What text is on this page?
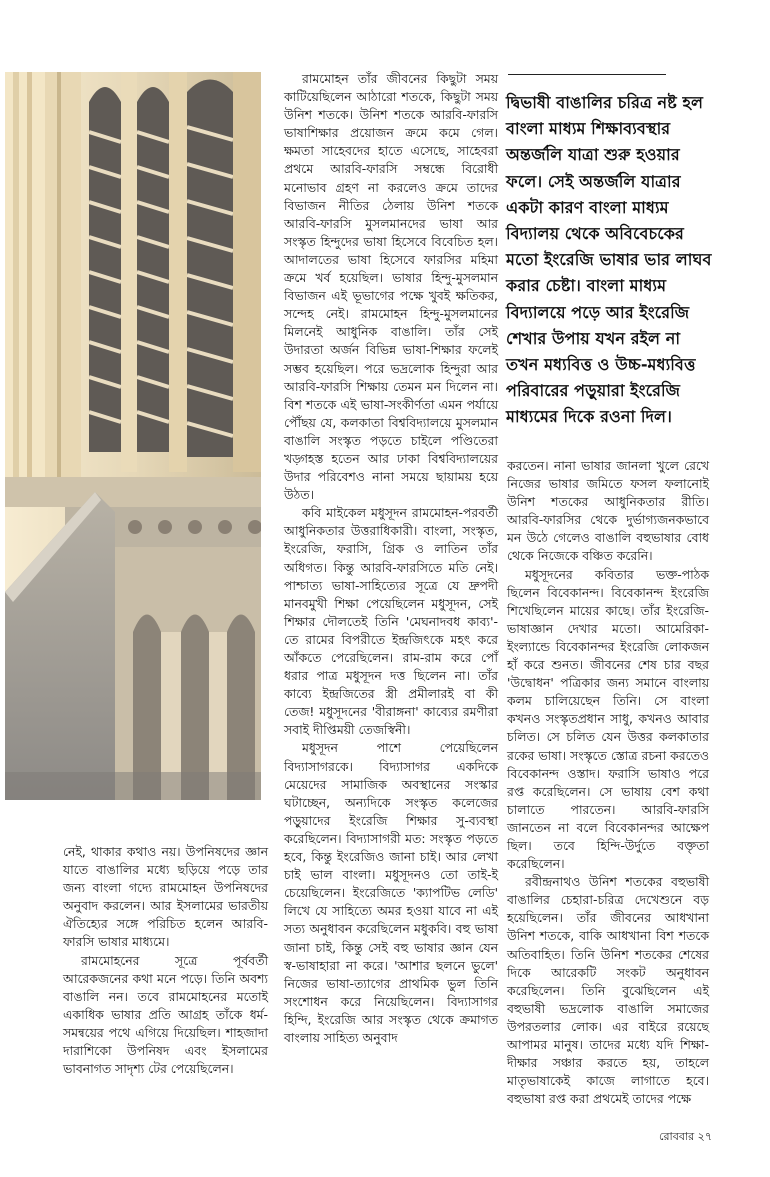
দ্বিভাষী বাঙালির চরিত্র নষ্ট হল বাংলা মাধ্যম শিক্ষাব্যবস্থার অন্তর্জলি যাত্রা শুরু হওয়ার ফলে। সেই অন্তর্জলি যাত্রার একটা কারণ বাংলা মাধ্যম বিদ্যালয় থেকে অবিবেচকের মতো ইংরেজি ভাষার ভার লাঘব করার চেষ্টা। বাংলা মাধ্যম বিদ্যালয়ে পড়ে আর ইংরেজি শেখার উপায় যখন রইল না তখন মধ্যবিত্ত ও উচ্চ-মধ্যবিত্ত পরিবারের পড়ুয়ারা ইংরেজি মাধ্যমের দিকে রওনা দিল।

নেই, থাকার কথাও নয়। উপনিষদের জ্ঞান যাতে বাঙালির মধ্যে ছড়িয়ে পড়ে তার জন্য বাংলা গদ্যে রামমোহন উপনিষদের অনুবাদ করলেন। আর ইসলামের ভারতীয় ঐতিহ্যের সঙ্গে পরিচিত হলেন আরবি-ফারসি ভাষার মাধ্যমে।

রামমোহনের সূত্রে পূর্ববর্তী আরেকজনের কথা মনে পড়ে। তিনি অবশ্য বাঙালি নন। তবে রামমোহনের মতোই একাধিক ভাষার প্রতি আগ্রহ তাঁকে ধর্ম-সমন্বয়ের পথে এগিয়ে দিয়েছিল। শাহজাদা দারাশিকো উপনিষদ এবং ইসলামের ভাবনাগত সাদৃশ্য টের পেয়েছিলেন।

রামমোহন তাঁর জীবনের কিছুটা সময় কাটিয়েছিলেন আঠারো শতকে, কিছুটা সময় উনিশ শতকে। উনিশ শতকে আরবি-ফারসি ভাষাশিক্ষার প্রয়োজন ক্রমে কমে গেল। ক্ষমতা সাহেবদের হাতে এসেছে, সাহেবরা প্রথমে আরবি-ফারসি সম্বন্ধে বিরোধী মনোভাব গ্রহণ না করলেও ক্রমে তাদের বিভাজন নীতির ঠেলায় উনিশ শতকে আরবি-ফারসি মুসলমানদের ভাষা আর সংস্কৃত হিন্দুদের ভাষা হিসেবে বিবেচিত হল। আদালতের ভাষা হিসেবে ফারসির মহিমা ক্রমে খর্ব হয়েছিল। ভাষার হিন্দু-মুসলমান বিভাজন এই ভূভাগের পক্ষে খুবই ক্ষতিকর, সন্দেহ নেই। রামমোহন হিন্দু-মুসলমানের মিলনেই আধুনিক বাঙালি। তাঁর সেই উদারতা অর্জন বিভিন্ন ভাষা-শিক্ষার ফলেই সম্ভব হয়েছিল। পরে ভদ্রলোক হিন্দুরা আর আরবি-ফারসি শিক্ষায় তেমন মন দিলেন না। বিশ শতকে এই ভাষা-সংকীর্ণতা এমন পর্যায়ে পৌঁছয় যে, কলকাতা বিশ্ববিদ্যালয়ে মুসলমান বাঙালি সংস্কৃত পড়তে চাইলে পণ্ডিতেরা খড়্গহস্ত হতেন আর ঢাকা বিশ্ববিদ্যালয়ের উদার পরিবেশও নানা সময়ে ছায়াময় হয়ে উঠত।

কবি মাইকেল মধুসূদন রামমোহন-পরবর্তী আধুনিকতার উত্তরাধিকারী। বাংলা, সংস্কৃত, ইংরেজি, ফরাসি, গ্রিক ও লাতিন তাঁর অধিগত। কিন্তু আরবি-ফারসিতে মতি নেই। পাশ্চাত্য ভাষা-সাহিত্যের সূত্রে যে দ্রুপদী মানবমুখী শিক্ষা পেয়েছিলেন মধুসূদন, সেই শিক্ষার দৌলতেই তিনি 'মেঘনাদবধ কাব্য'-তে রামের বিপরীতে ইন্দ্রজিৎকে মহৎ করে আঁকতে পেরেছিলেন। রাম-রাম করে পোঁ ধরার পাত্র মধুসূদন দত্ত ছিলেন না। তাঁর কাব্যে ইন্দ্রজিতের স্ত্রী প্রমীলারই বা কী তেজ! মধুসূদনের 'বীরাঙ্গনা' কাব্যের রমণীরা সবাই দীপ্তিময়ী তেজস্বিনী।

মধুসূদন পাশে পেয়েছিলেন বিদ্যাসাগরকে। বিদ্যাসাগর একদিকে মেয়েদের সামাজিক অবস্থানের সংস্কার ঘটাচ্ছেন, অন্যদিকে সংস্কৃত কলেজের পড়ুয়াদের ইংরেজি শিক্ষার সু-ব্যবস্থা করেছিলেন। বিদ্যাসাগরী মত: সংস্কৃত পড়তে হবে, কিন্তু ইংরেজিও জানা চাই। আর লেখা চাই ভাল বাংলা। মধুসূদনও তো তাই-ই চেয়েছিলেন। ইংরেজিতে 'ক্যাপটিভ লেডি' লিখে যে সাহিত্যে অমর হওয়া যাবে না এই সত্য অনুধাবন করেছিলেন মধুকবি। বহু ভাষা জানা চাই, কিন্তু সেই বহু ভাষার জ্ঞান যেন স্ব-ভাষাহারা না করে। 'আশার ছলনে ভুলে' নিজের ভাষা-ত্যাগের প্রাথমিক ভুল তিনি সংশোধন করে নিয়েছিলেন। বিদ্যাসাগর হিন্দি, ইংরেজি আর সংস্কৃত থেকে ক্রমাগত বাংলায় সাহিত্য অনুবাদ

করতেন। নানা ভাষার জানলা খুলে রেখে নিজের ভাষার জমিতে ফসল ফলানোই উনিশ শতকের আধুনিকতার রীতি। আরবি-ফারসির থেকে দুর্ভাগ্যজনকভাবে মন উঠে গেলেও বাঙালি বহুভাষার বোধ থেকে নিজেকে বঞ্চিত করেনি।

মধুসূদনের কবিতার ভক্ত-পাঠক ছিলেন বিবেকানন্দ। বিবেকানন্দ ইংরেজি শিখেছিলেন মায়ের কাছে। তাঁর ইংরেজি-ভাষাজ্ঞান দেখার মতো। আমেরিকা-ইংল্যান্ডে বিবেকানন্দর ইংরেজি লোকজন হাঁ করে শুনত। জীবনের শেষ চার বছর 'উদ্বোধন' পত্রিকার জন্য সমানে বাংলায় কলম চালিয়েছেন তিনি। সে বাংলা কখনও সংস্কৃতপ্রধান সাধু, কখনও আবার চলিত। সে চলিত যেন উত্তর কলকাতার রকের ভাষা। সংস্কৃতে স্তোত্র রচনা করতেও বিবেকানন্দ ওস্তাদ। ফরাসি ভাষাও পরে রপ্ত করেছিলেন। সে ভাষায় বেশ কথা চালাতে পারতেন। আরবি-ফারসি জানতেন না বলে বিবেকানন্দর আক্ষেপ ছিল। তবে হিন্দি-উর্দুতে বক্তৃতা করেছিলেন।

রবীন্দ্রনাথও উনিশ শতকের বহুভাষী বাঙালির চেহারা-চরিত্র দেখেশুনে বড় হয়েছিলেন। তাঁর জীবনের আধখানা উনিশ শতকে, বাকি আধখানা বিশ শতকে অতিবাহিত। তিনি উনিশ শতকের শেষের দিকে আরেকটি সংকট অনুধাবন করেছিলেন। তিনি বুঝেছিলেন এই বহুভাষী ভদ্রলোক বাঙালি সমাজের উপরতলার লোক। এর বাইরে রয়েছে আপামর মানুষ। তাদের মধ্যে যদি শিক্ষা-দীক্ষার সঞ্চার করতে হয়, তাহলে মাতৃভাষাকেই কাজে লাগাতে হবে। বহুভাষা রপ্ত করা প্রথমেই তাদের পক্ষে

রোববার ২৭
